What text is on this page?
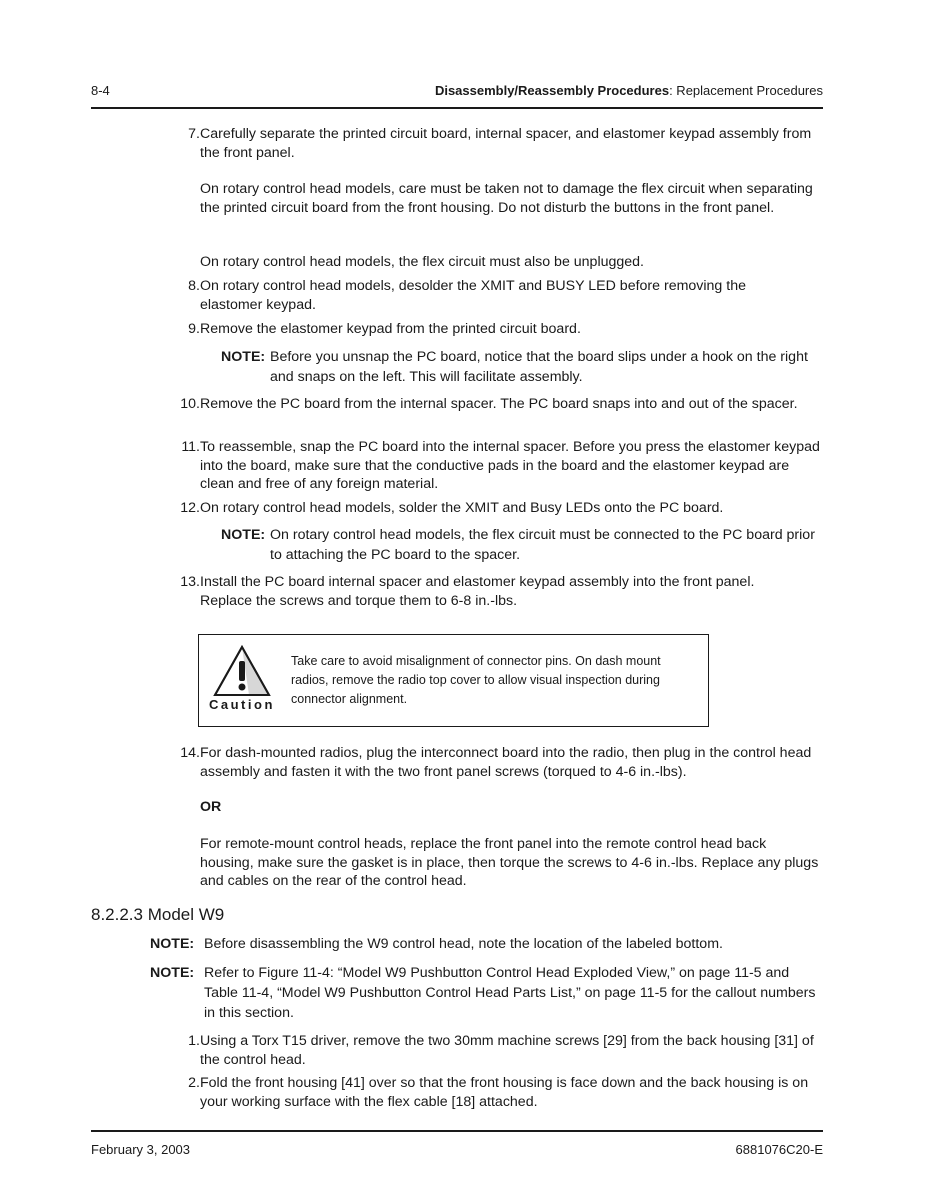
8-4	Disassembly/Reassembly Procedures: Replacement Procedures
7. Carefully separate the printed circuit board, internal spacer, and elastomer keypad assembly from the front panel.
On rotary control head models, care must be taken not to damage the flex circuit when separating the printed circuit board from the front housing. Do not disturb the buttons in the front panel.
On rotary control head models, the flex circuit must also be unplugged.
8. On rotary control head models, desolder the XMIT and BUSY LED before removing the elastomer keypad.
9. Remove the elastomer keypad from the printed circuit board.
NOTE: Before you unsnap the PC board, notice that the board slips under a hook on the right and snaps on the left. This will facilitate assembly.
10. Remove the PC board from the internal spacer. The PC board snaps into and out of the spacer.
11. To reassemble, snap the PC board into the internal spacer. Before you press the elastomer keypad into the board, make sure that the conductive pads in the board and the elastomer keypad are clean and free of any foreign material.
12. On rotary control head models, solder the XMIT and Busy LEDs onto the PC board.
NOTE: On rotary control head models, the flex circuit must be connected to the PC board prior to attaching the PC board to the spacer.
13. Install the PC board internal spacer and elastomer keypad assembly into the front panel. Replace the screws and torque them to 6-8 in.-lbs.
Caution
Take care to avoid misalignment of connector pins. On dash mount radios, remove the radio top cover to allow visual inspection during connector alignment.
14. For dash-mounted radios, plug the interconnect board into the radio, then plug in the control head assembly and fasten it with the two front panel screws (torqued to 4-6 in.-lbs).
OR
For remote-mount control heads, replace the front panel into the remote control head back housing, make sure the gasket is in place, then torque the screws to 4-6 in.-lbs. Replace any plugs and cables on the rear of the control head.
8.2.2.3 Model W9
NOTE: Before disassembling the W9 control head, note the location of the labeled bottom.
NOTE: Refer to Figure 11-4: “Model W9 Pushbutton Control Head Exploded View,” on page 11-5 and Table 11-4, “Model W9 Pushbutton Control Head Parts List,” on page 11-5 for the callout numbers in this section.
1. Using a Torx T15 driver, remove the two 30mm machine screws [29] from the back housing [31] of the control head.
2. Fold the front housing [41] over so that the front housing is face down and the back housing is on your working surface with the flex cable [18] attached.
February 3, 2003	6881076C20-E
